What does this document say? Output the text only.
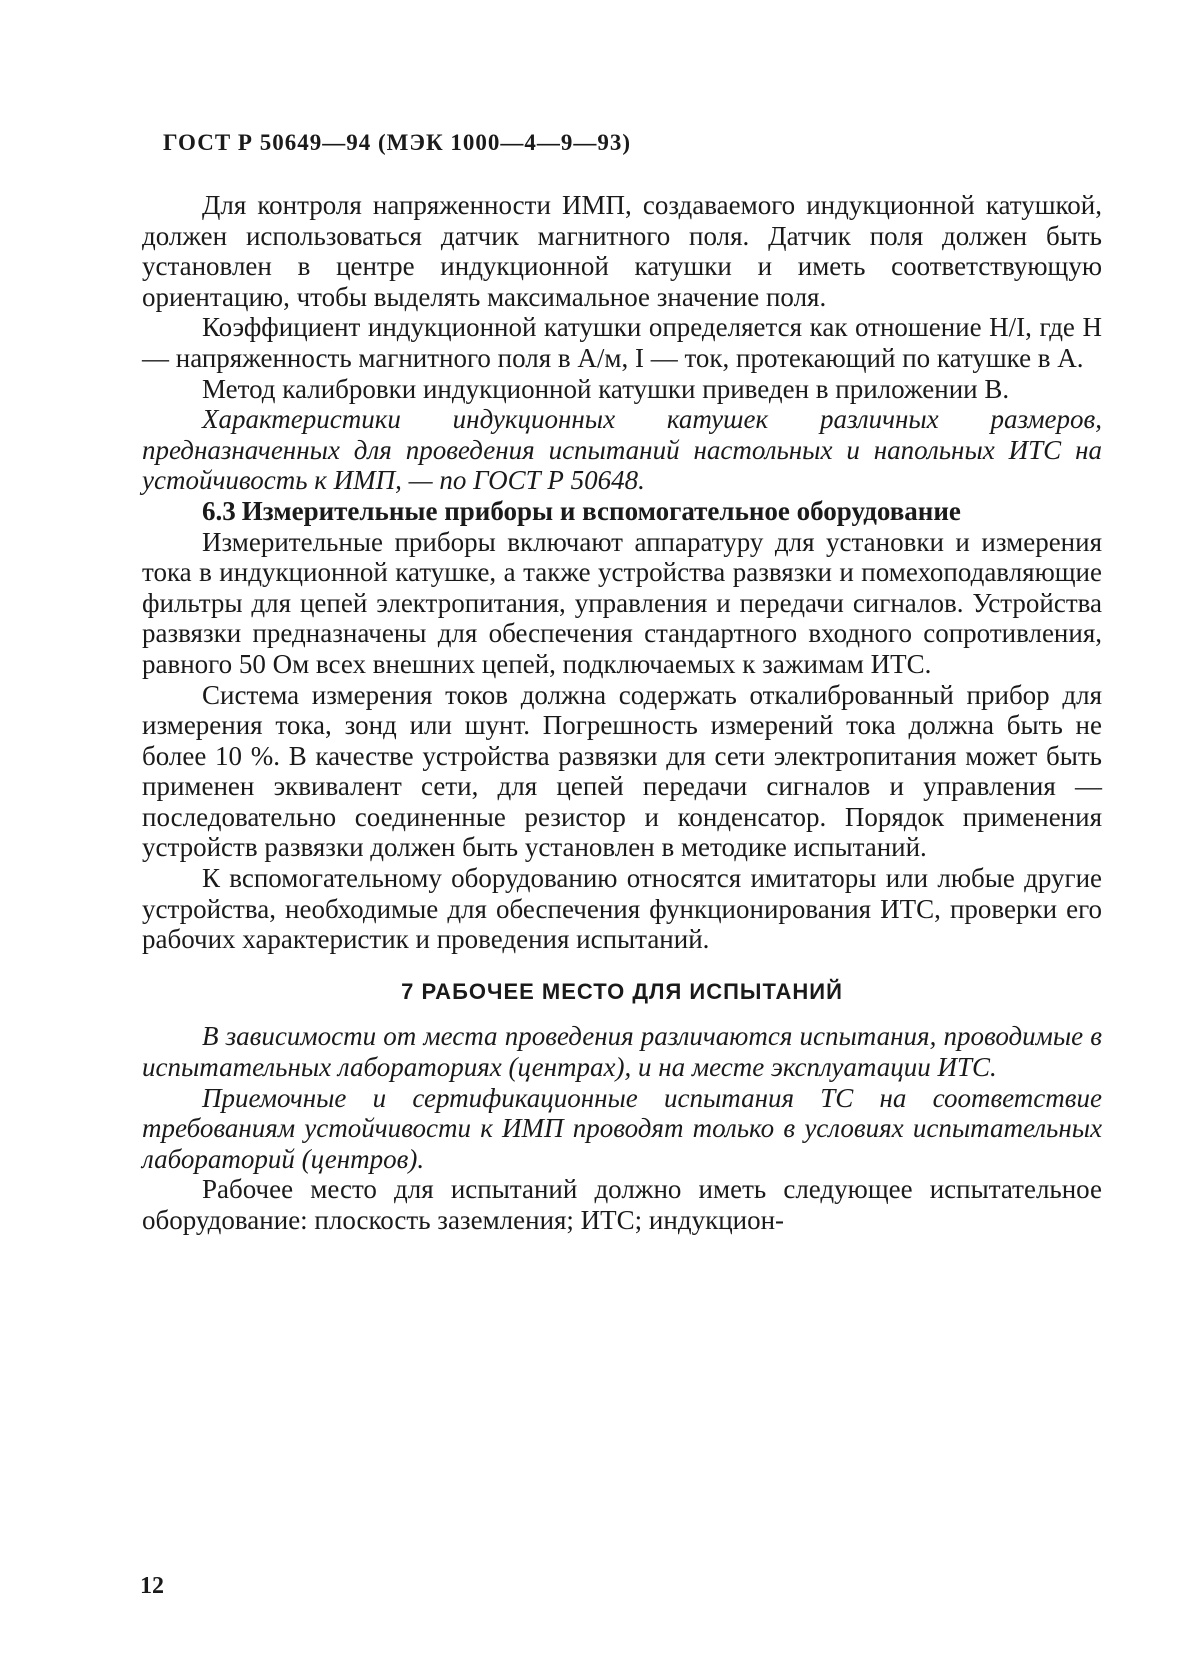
ГОСТ Р 50649—94 (МЭК 1000—4—9—93)

Для контроля напряженности ИМП, создаваемого индукционной катушкой, должен использоваться датчик магнитного поля. Датчик поля должен быть установлен в центре индукционной катушки и иметь соответствующую ориентацию, чтобы выделять максимальное значение поля.

Коэффициент индукционной катушки определяется как отношение H/I, где H — напряженность магнитного поля в А/м, I — ток, протекающий по катушке в А.

Метод калибровки индукционной катушки приведен в приложении В.

Характеристики индукционных катушек различных размеров, предназначенных для проведения испытаний настольных и напольных ИТС на устойчивость к ИМП, — по ГОСТ Р 50648.

6.3 Измерительные приборы и вспомогательное оборудование

Измерительные приборы включают аппаратуру для установки и измерения тока в индукционной катушке, а также устройства развязки и помехоподавляющие фильтры для цепей электропитания, управления и передачи сигналов. Устройства развязки предназначены для обеспечения стандартного входного сопротивления, равного 50 Ом всех внешних цепей, подключаемых к зажимам ИТС.

Система измерения токов должна содержать откалиброванный прибор для измерения тока, зонд или шунт. Погрешность измерений тока должна быть не более 10 %. В качестве устройства развязки для сети электропитания может быть применен эквивалент сети, для цепей передачи сигналов и управления — последовательно соединенные резистор и конденсатор. Порядок применения устройств развязки должен быть установлен в методике испытаний.

К вспомогательному оборудованию относятся имитаторы или любые другие устройства, необходимые для обеспечения функционирования ИТС, проверки его рабочих характеристик и проведения испытаний.

7 РАБОЧЕЕ МЕСТО ДЛЯ ИСПЫТАНИЙ

В зависимости от места проведения различаются испытания, проводимые в испытательных лабораториях (центрах), и на месте эксплуатации ИТС.

Приемочные и сертификационные испытания ТС на соответствие требованиям устойчивости к ИМП проводят только в условиях испытательных лабораторий (центров).

Рабочее место для испытаний должно иметь следующее испытательное оборудование: плоскость заземления; ИТС; индукцион-

12
